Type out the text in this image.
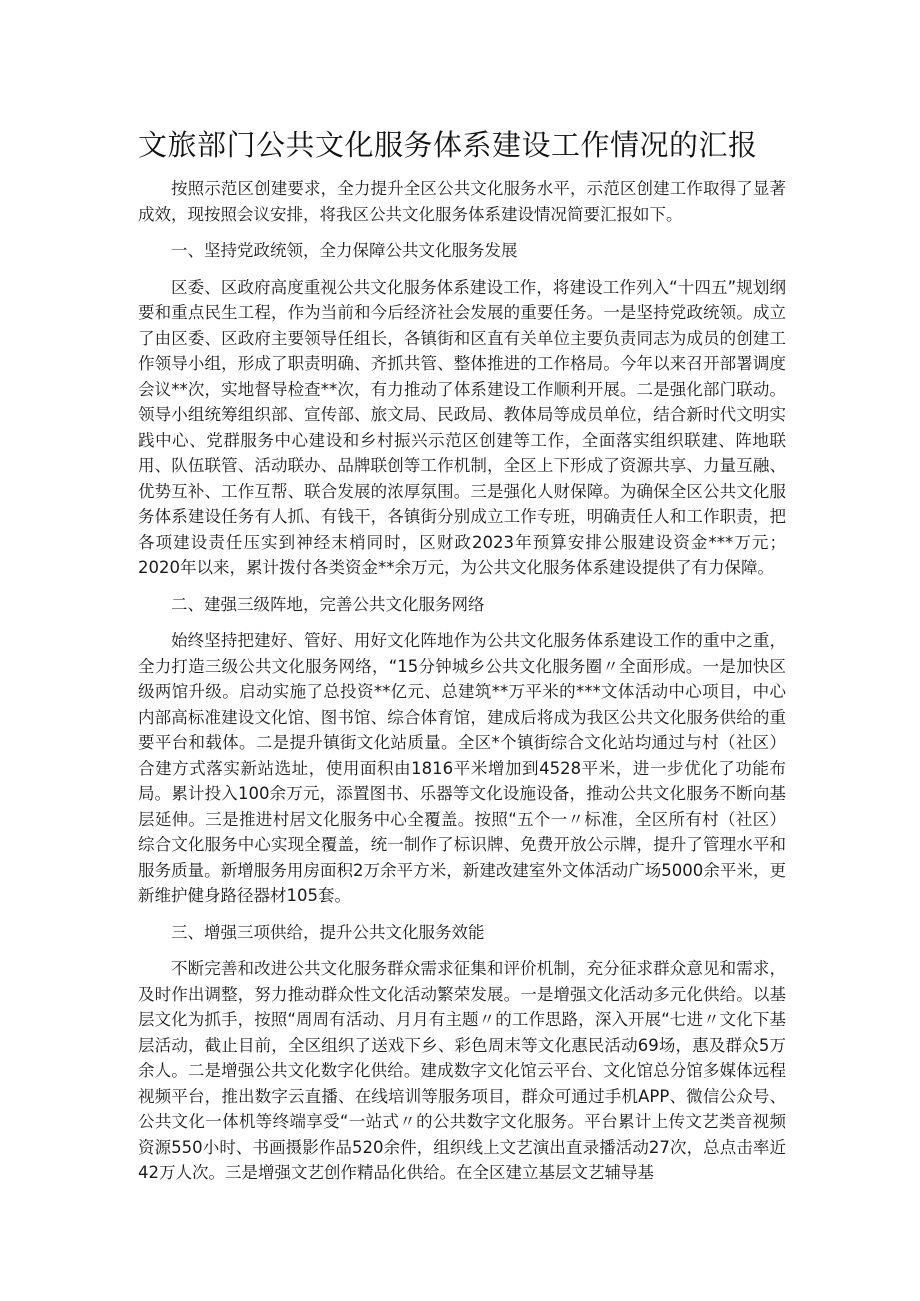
文旅部门公共文化服务体系建设工作情况的汇报

按照示范区创建要求，全力提升全区公共文化服务水平，示范区创建工作取得了显著成效，现按照会议安排，将我区公共文化服务体系建设情况简要汇报如下。

一、坚持党政统领，全力保障公共文化服务发展

区委、区政府高度重视公共文化服务体系建设工作，将建设工作列入“十四五”规划纲要和重点民生工程，作为当前和今后经济社会发展的重要任务。一是坚持党政统领。成立了由区委、区政府主要领导任组长，各镇街和区直有关单位主要负责同志为成员的创建工作领导小组，形成了职责明确、齐抓共管、整体推进的工作格局。今年以来召开部署调度会议**次，实地督导检查**次，有力推动了体系建设工作顺利开展。二是强化部门联动。领导小组统筹组织部、宣传部、旅文局、民政局、教体局等成员单位，结合新时代文明实践中心、党群服务中心建设和乡村振兴示范区创建等工作，全面落实组织联建、阵地联用、队伍联管、活动联办、品牌联创等工作机制，全区上下形成了资源共享、力量互融、优势互补、工作互帮、联合发展的浓厚氛围。三是强化人财保障。为确保全区公共文化服务体系建设任务有人抓、有钱干，各镇街分别成立工作专班，明确责任人和工作职责，把各项建设责任压实到神经末梢同时，区财政2023年预算安排公服建设资金***万元；2020年以来，累计拨付各类资金**余万元，为公共文化服务体系建设提供了有力保障。

二、建强三级阵地，完善公共文化服务网络

始终坚持把建好、管好、用好文化阵地作为公共文化服务体系建设工作的重中之重，全力打造三级公共文化服务网络，“15分钟城乡公共文化服务圈〃全面形成。一是加快区级两馆升级。启动实施了总投资**亿元、总建筑**万平米的***文体活动中心项目，中心内部高标准建设文化馆、图书馆、综合体育馆，建成后将成为我区公共文化服务供给的重要平台和载体。二是提升镇街文化站质量。全区*个镇街综合文化站均通过与村（社区）合建方式落实新站选址，使用面积由1816平米增加到4528平米，进一步优化了功能布局。累计投入100余万元，添置图书、乐器等文化设施设备，推动公共文化服务不断向基层延伸。三是推进村居文化服务中心全覆盖。按照“五个一〃标准，全区所有村（社区）综合文化服务中心实现全覆盖，统一制作了标识牌、免费开放公示牌，提升了管理水平和服务质量。新增服务用房面积2万余平方米，新建改建室外文体活动广场5000余平米，更新维护健身路径器材105套。

三、增强三项供给，提升公共文化服务效能

不断完善和改进公共文化服务群众需求征集和评价机制，充分征求群众意见和需求，及时作出调整，努力推动群众性文化活动繁荣发展。一是增强文化活动多元化供给。以基层文化为抓手，按照“周周有活动、月月有主题〃的工作思路，深入开展“七进〃文化下基层活动，截止目前，全区组织了送戏下乡、彩色周末等文化惠民活动69场，惠及群众5万余人。二是增强公共文化数字化供给。建成数字文化馆云平台、文化馆总分馆多媒体远程视频平台，推出数字云直播、在线培训等服务项目，群众可通过手机APP、微信公众号、公共文化一体机等终端享受“一站式〃的公共数字文化服务。平台累计上传文艺类音视频资源550小时、书画摄影作品520余件，组织线上文艺演出直录播活动27次，总点击率近42万人次。三是增强文艺创作精品化供给。在全区建立基层文艺辅导基
